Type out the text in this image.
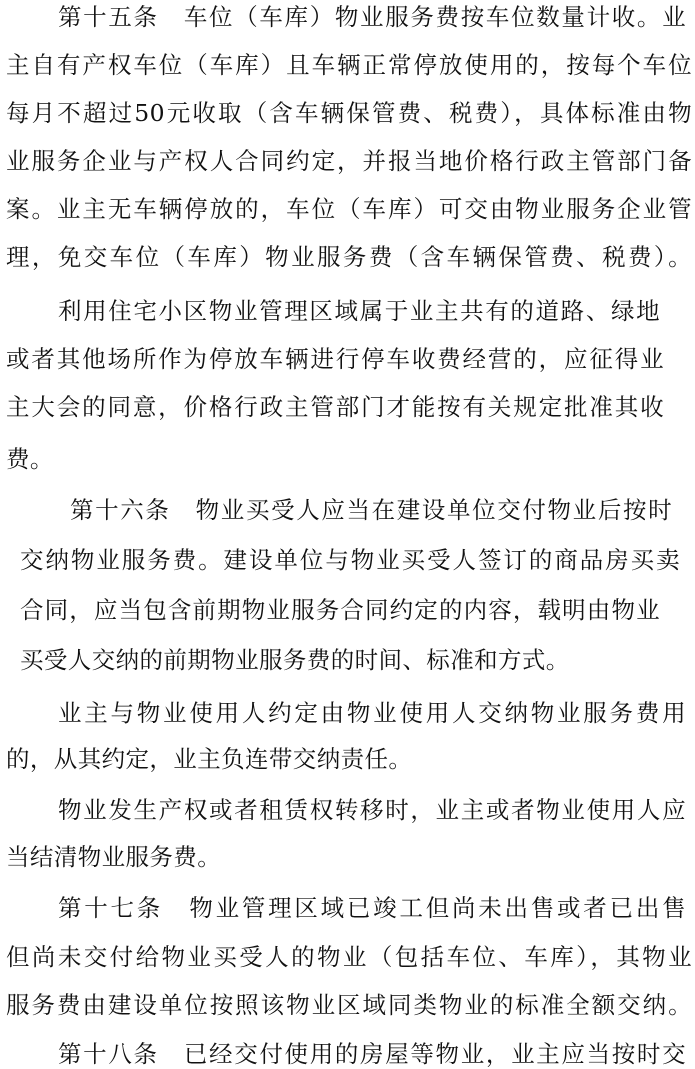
第十五条　车位（车库）物业服务费按车位数量计收。业
主自有产权车位（车库）且车辆正常停放使用的，按每个车位
每月不超过50元收取（含车辆保管费、税费），具体标准由物
业服务企业与产权人合同约定，并报当地价格行政主管部门备
案。业主无车辆停放的，车位（车库）可交由物业服务企业管
理，免交车位（车库）物业服务费（含车辆保管费、税费）。
利用住宅小区物业管理区域属于业主共有的道路、绿地
或者其他场所作为停放车辆进行停车收费经营的，应征得业
主大会的同意，价格行政主管部门才能按有关规定批准其收
费。
第十六条　物业买受人应当在建设单位交付物业后按时
交纳物业服务费。建设单位与物业买受人签订的商品房买卖
合同，应当包含前期物业服务合同约定的内容，载明由物业
买受人交纳的前期物业服务费的时间、标准和方式。
业主与物业使用人约定由物业使用人交纳物业服务费用
的，从其约定，业主负连带交纳责任。
物业发生产权或者租赁权转移时，业主或者物业使用人应
当结清物业服务费。
第十七条　物业管理区域已竣工但尚未出售或者已出售
但尚未交付给物业买受人的物业（包括车位、车库），其物业
服务费由建设单位按照该物业区域同类物业的标准全额交纳。
第十八条　已经交付使用的房屋等物业，业主应当按时交
